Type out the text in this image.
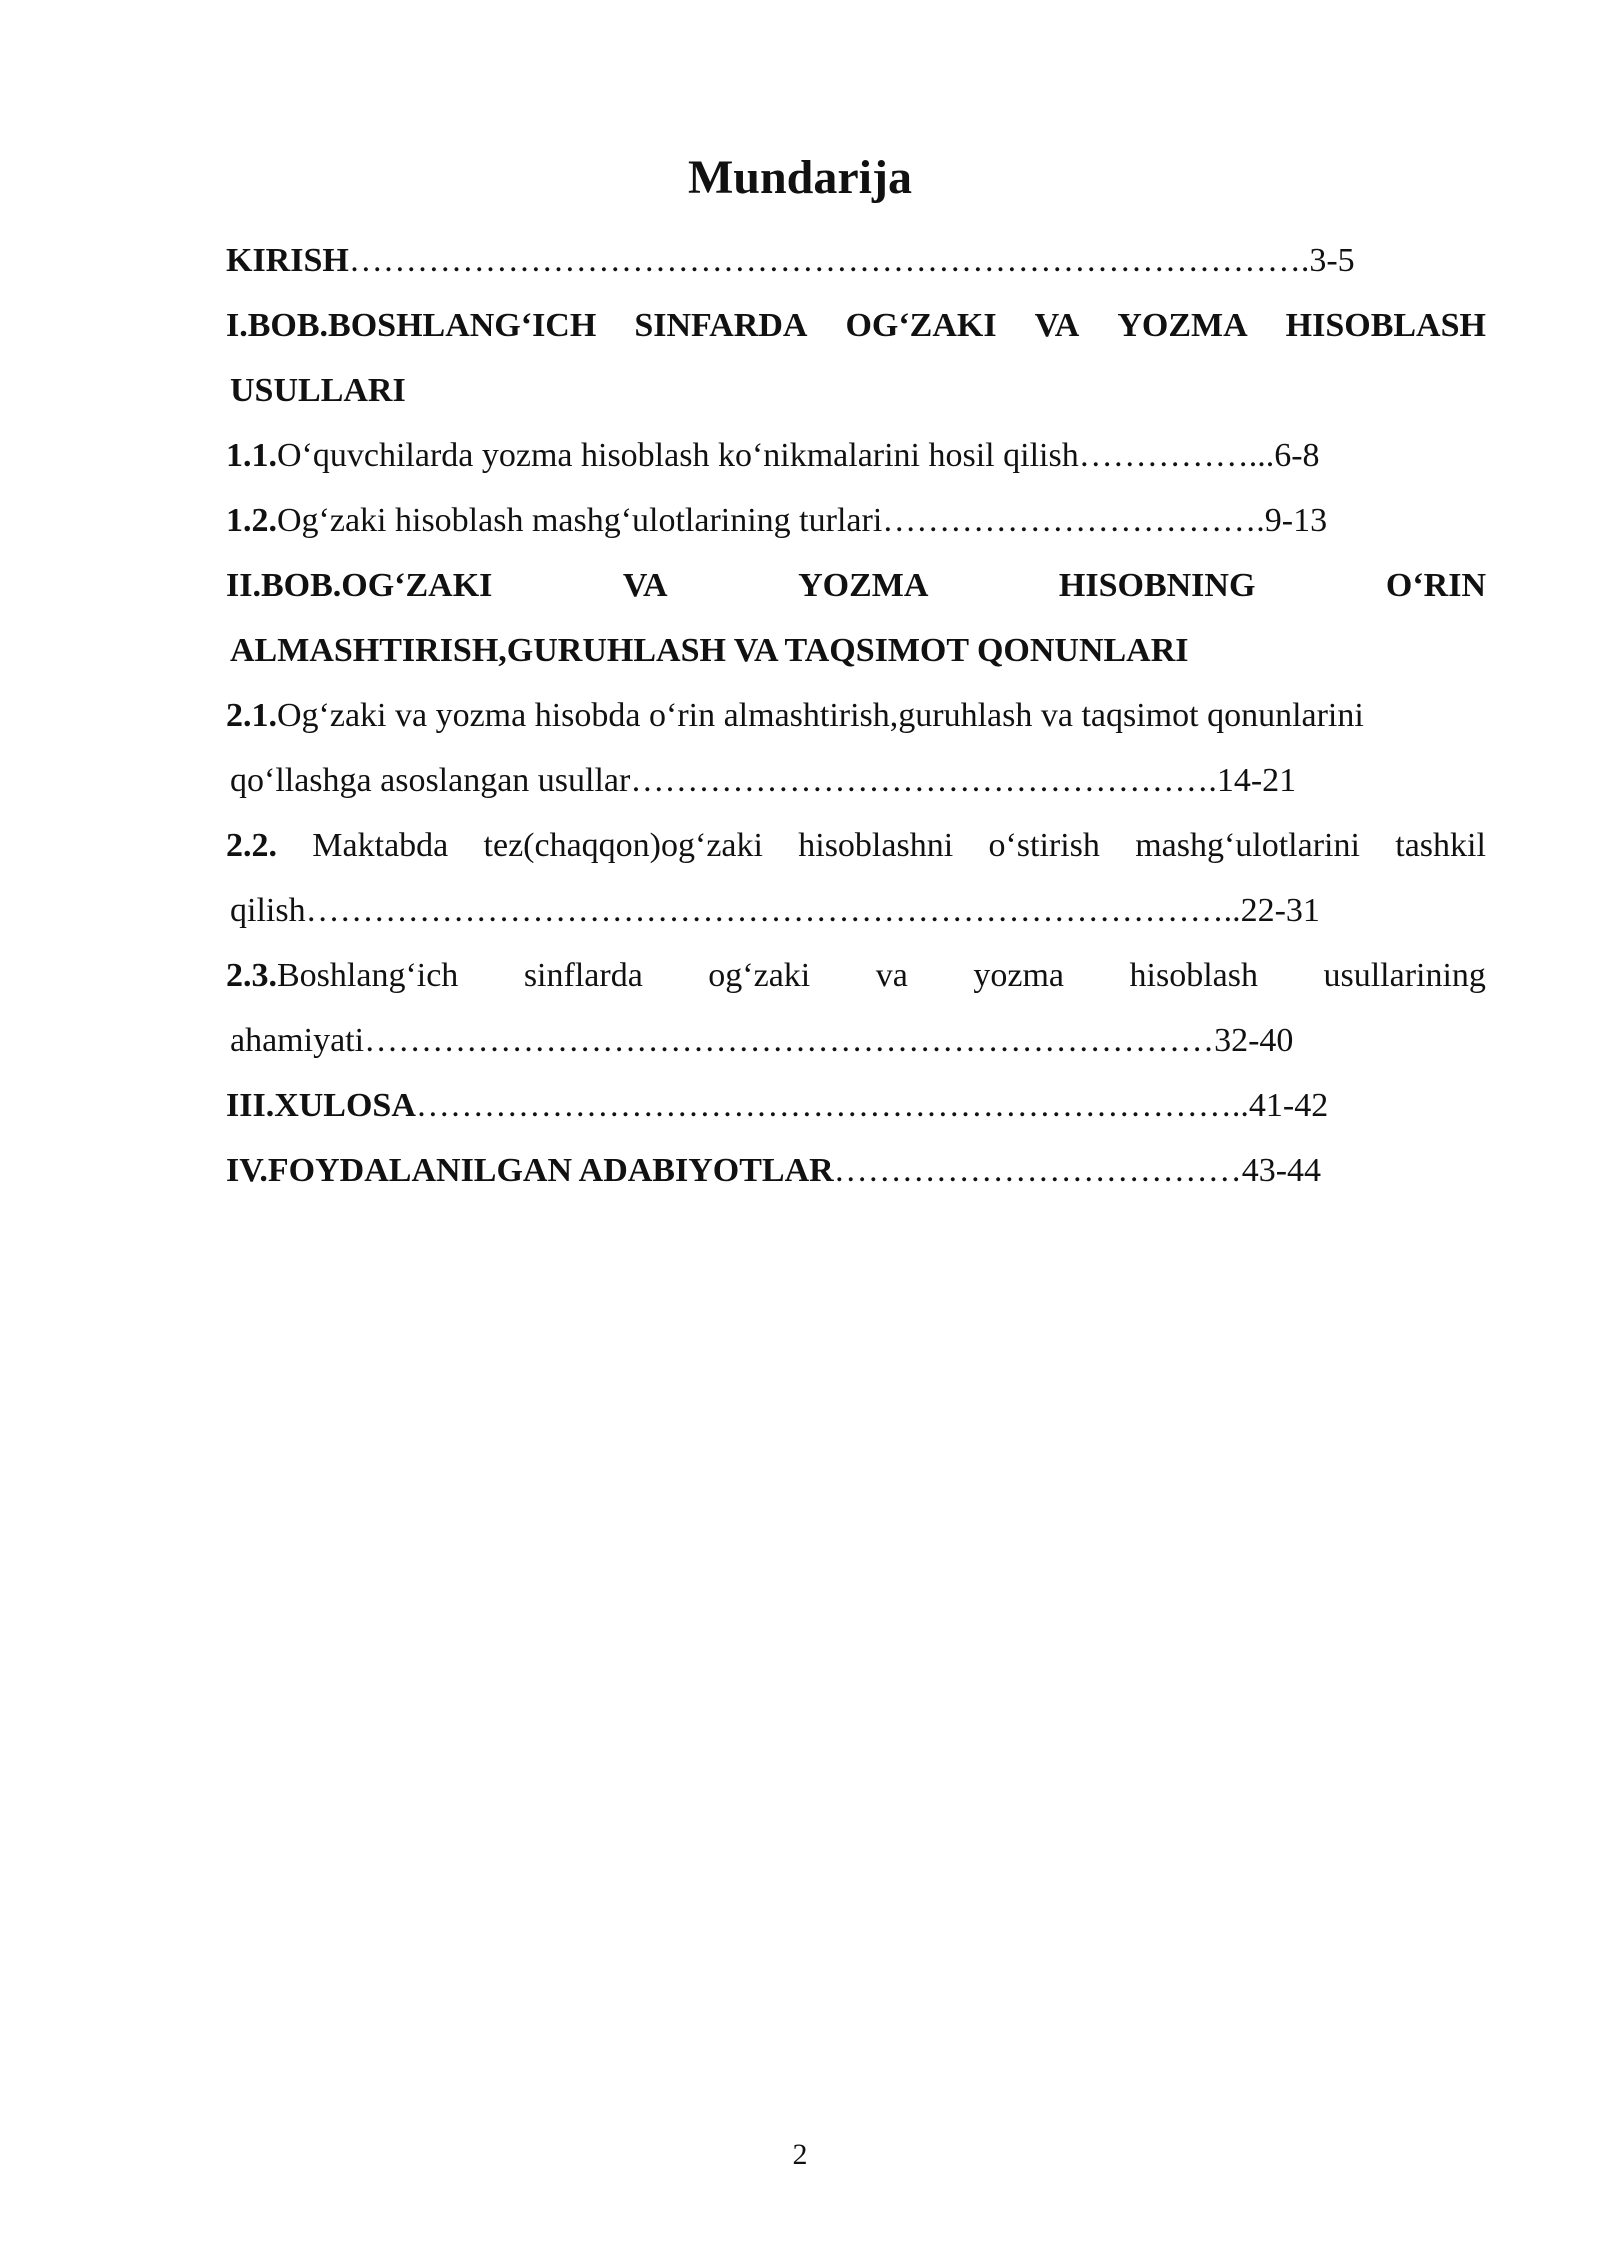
Mundarija
KIRISH………………………………………………………………………….3-5
I.BOB.BOSHLANG‘ICH SINFARDA OG‘ZAKI VA YOZMA HISOBLASH
USULLARI
1.1.O‘quvchilarda yozma hisoblash ko‘nikmalarini hosil qilish……………...6-8
1.2.Og‘zaki hisoblash mashg‘ulotlarining turlari…………………………….9-13
II.BOB.OG‘ZAKI	VA	YOZMA	HISOBNING	O‘RIN
ALMASHTIRISH,GURUHLASH VA TAQSIMOT QONUNLARI
2.1.Og‘zaki va yozma hisobda o‘rin almashtirish,guruhlash va taqsimot qonunlarini
qo‘llashga asoslangan usullar…………………………………………….14-21
2.2. Maktabda tez(chaqqon)og‘zaki hisoblashni o‘stirish mashg‘ulotlarini tashkil
qilish………………………………………………………………………..22-31
2.3.Boshlang‘ich sinflarda og‘zaki va yozma hisoblash usullarining
ahamiyati…………………………………………………………………32-40
III.XULOSA………………………………………………………………..41-42
IV.FOYDALANILGAN ADABIYOTLAR………………………………43-44
2
